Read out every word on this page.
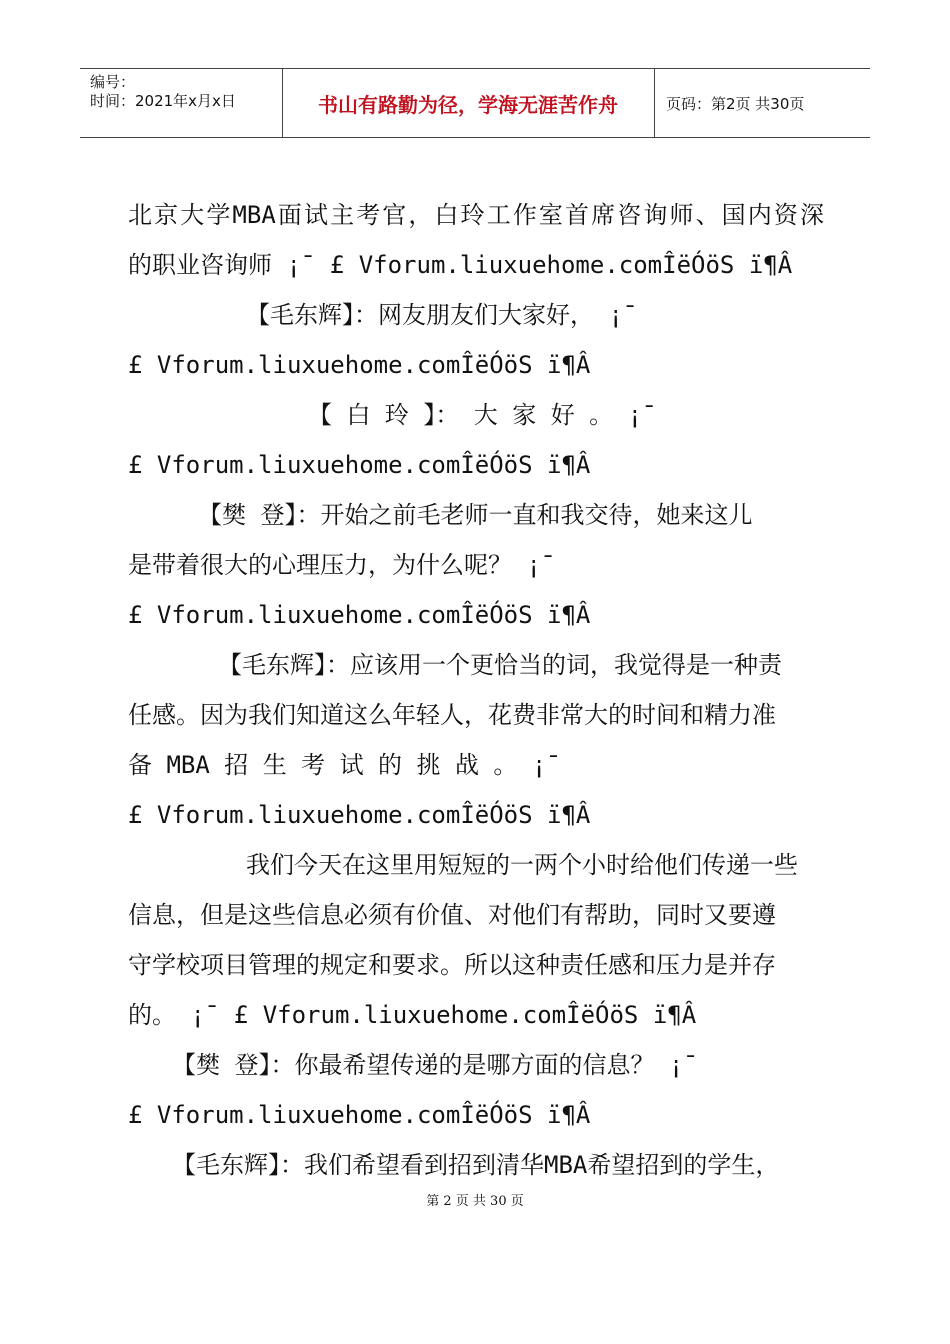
编号：
时间：2021年x月x日	书山有路勤为径，学海无涯苦作舟	页码：第2页 共30页
北京大学MBA面试主考官，白玲工作室首席咨询师、国内资深
的职业咨询师 ¡¯ £ Vforum.liuxuehome.comÎëÓöS ï¶Â
【毛东辉】：网友朋友们大家好， ¡¯
£ Vforum.liuxuehome.comÎëÓöS ï¶Â
【 白 玲 】： 大 家 好 。 ¡¯
£ Vforum.liuxuehome.comÎëÓöS ï¶Â
【樊 登】：开始之前毛老师一直和我交待，她来这儿
是带着很大的心理压力，为什么呢？ ¡¯
£ Vforum.liuxuehome.comÎëÓöS ï¶Â
【毛东辉】：应该用一个更恰当的词，我觉得是一种责
任感。因为我们知道这么年轻人，花费非常大的时间和精力准
备 MBA 招 生 考 试 的 挑 战 。 ¡¯
£ Vforum.liuxuehome.comÎëÓöS ï¶Â
我们今天在这里用短短的一两个小时给他们传递一些
信息，但是这些信息必须有价值、对他们有帮助，同时又要遵
守学校项目管理的规定和要求。所以这种责任感和压力是并存
的。 ¡¯ £ Vforum.liuxuehome.comÎëÓöS ï¶Â
【樊 登】：你最希望传递的是哪方面的信息？ ¡¯
£ Vforum.liuxuehome.comÎëÓöS ï¶Â
【毛东辉】：我们希望看到招到清华MBA希望招到的学生，
第 2 页 共 30 页
